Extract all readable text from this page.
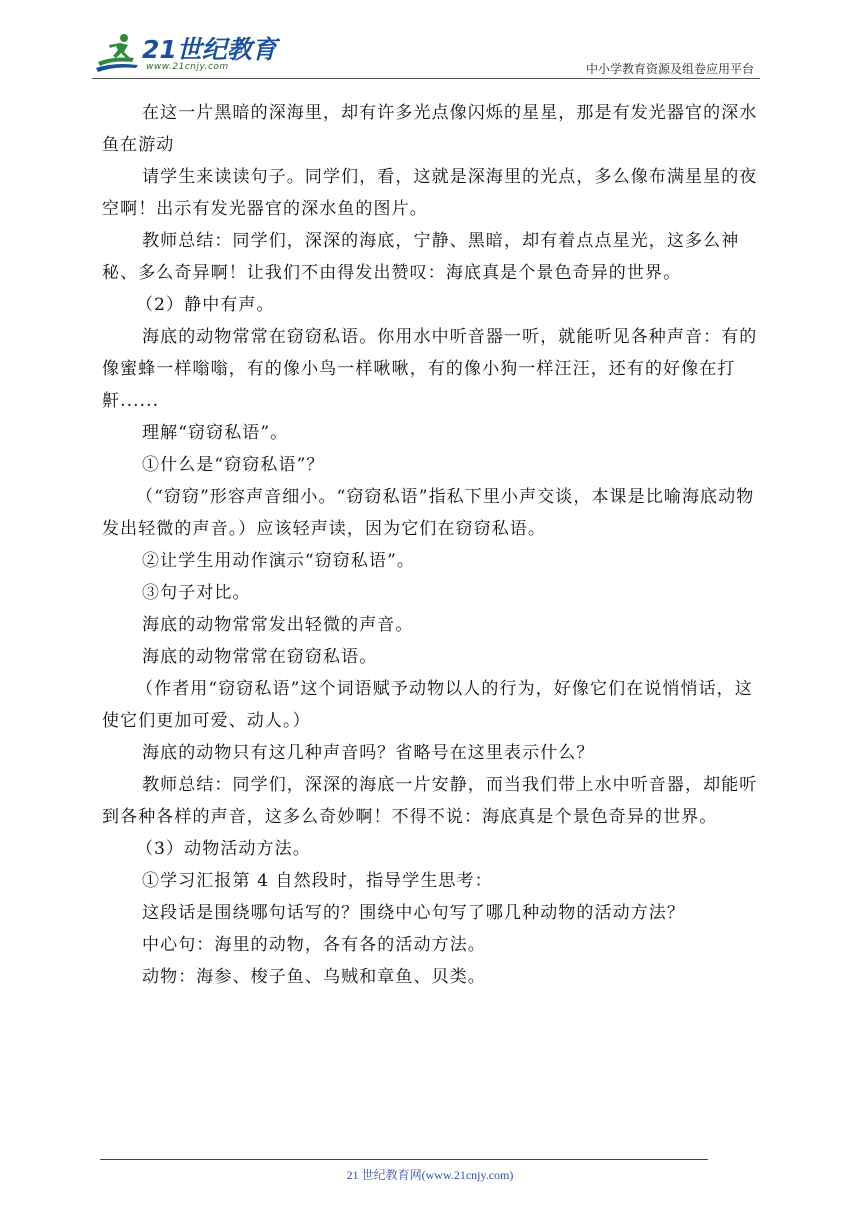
21世纪教育
www.21cnjy.com	中小学教育资源及组卷应用平台

在这一片黑暗的深海里，却有许多光点像闪烁的星星，那是有发光器官的深水鱼在游动

请学生来读读句子。同学们，看，这就是深海里的光点，多么像布满星星的夜空啊！出示有发光器官的深水鱼的图片。

教师总结：同学们，深深的海底，宁静、黑暗，却有着点点星光，这多么神秘、多么奇异啊！让我们不由得发出赞叹：海底真是个景色奇异的世界。

（2）静中有声。

海底的动物常常在窃窃私语。你用水中听音器一听，就能听见各种声音：有的像蜜蜂一样嗡嗡，有的像小鸟一样啾啾，有的像小狗一样汪汪，还有的好像在打鼾......

理解“窃窃私语”。

①什么是“窃窃私语”？

（“窃窃”形容声音细小。“窃窃私语”指私下里小声交谈，本课是比喻海底动物发出轻微的声音。）应该轻声读，因为它们在窃窃私语。

②让学生用动作演示“窃窃私语”。

③句子对比。

海底的动物常常发出轻微的声音。

海底的动物常常在窃窃私语。

（作者用“窃窃私语”这个词语赋予动物以人的行为，好像它们在说悄悄话，这使它们更加可爱、动人。）

海底的动物只有这几种声音吗？省略号在这里表示什么？

教师总结：同学们，深深的海底一片安静，而当我们带上水中听音器，却能听到各种各样的声音，这多么奇妙啊！不得不说：海底真是个景色奇异的世界。

（3）动物活动方法。

①学习汇报第 4 自然段时，指导学生思考：

这段话是围绕哪句话写的？围绕中心句写了哪几种动物的活动方法？

中心句：海里的动物，各有各的活动方法。

动物：海参、梭子鱼、乌贼和章鱼、贝类。

21 世纪教育网(www.21cnjy.com)
